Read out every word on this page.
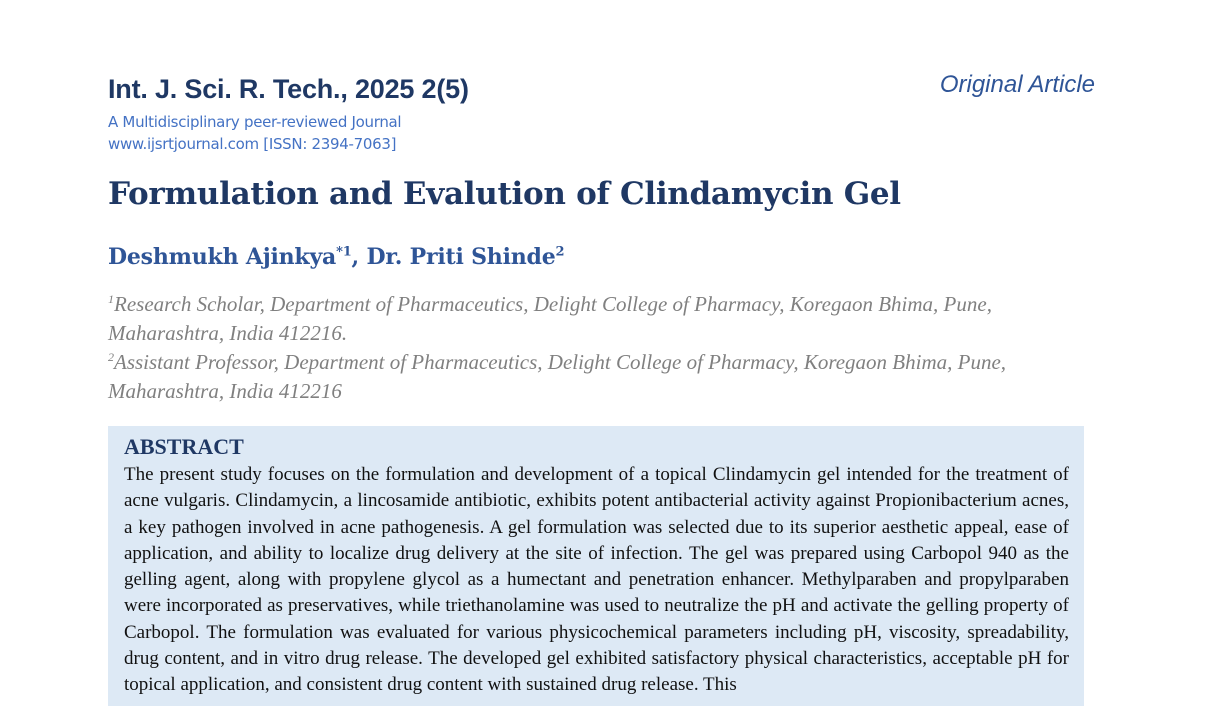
Int. J. Sci. R. Tech., 2025 2(5)	Original Article
A Multidisciplinary peer-reviewed Journal
www.ijsrtjournal.com [ISSN: 2394-7063]
Formulation and Evalution of Clindamycin Gel
Deshmukh Ajinkya$^{*1}$, Dr. Priti Shinde$^2$
$^1$Research Scholar, Department of Pharmaceutics, Delight College of Pharmacy, Koregaon Bhima, Pune, Maharashtra, India 412216.
$^2$Assistant Professor, Department of Pharmaceutics, Delight College of Pharmacy, Koregaon Bhima, Pune, Maharashtra, India 412216
ABSTRACT
The present study focuses on the formulation and development of a topical Clindamycin gel intended for the treatment of acne vulgaris. Clindamycin, a lincosamide antibiotic, exhibits potent antibacterial activity against Propionibacterium acnes, a key pathogen involved in acne pathogenesis. A gel formulation was selected due to its superior aesthetic appeal, ease of application, and ability to localize drug delivery at the site of infection. The gel was prepared using Carbopol 940 as the gelling agent, along with propylene glycol as a humectant and penetration enhancer. Methylparaben and propylparaben were incorporated as preservatives, while triethanolamine was used to neutralize the pH and activate the gelling property of Carbopol. The formulation was evaluated for various physicochemical parameters including pH, viscosity, spreadability, drug content, and in vitro drug release. The developed gel exhibited satisfactory physical characteristics, acceptable pH for topical application, and consistent drug content with sustained drug release. This
